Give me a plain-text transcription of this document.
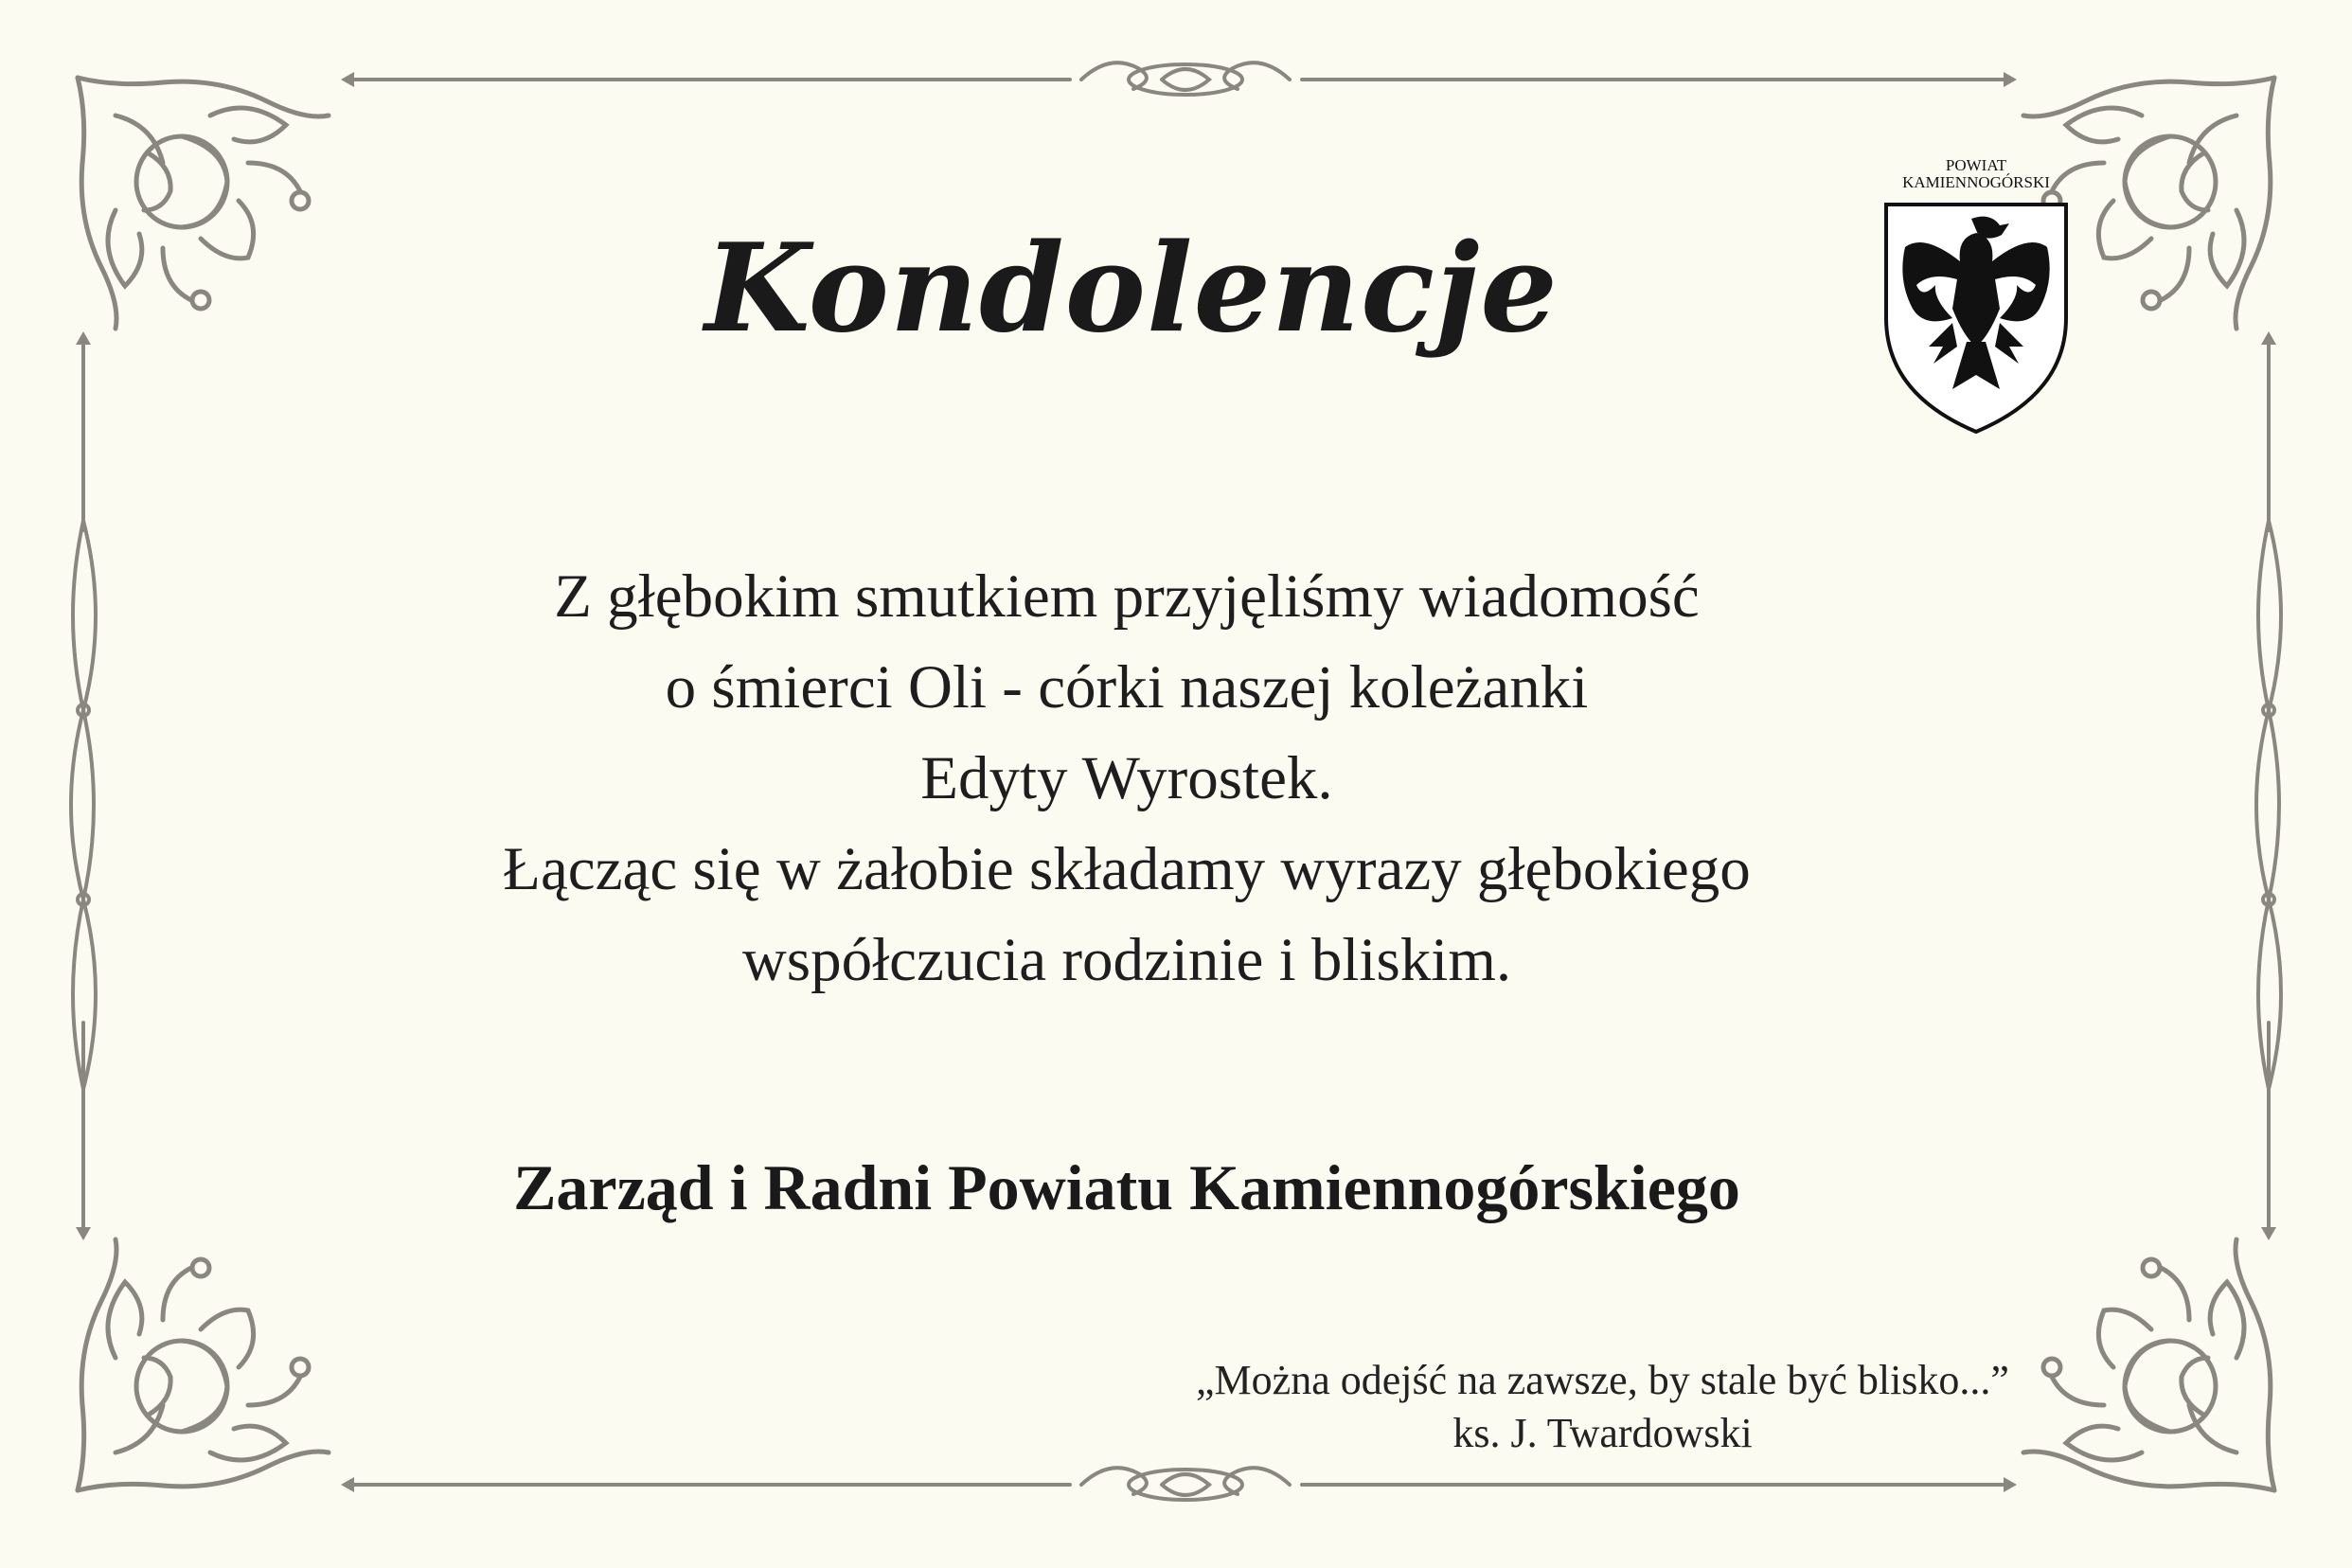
POWIAT
KAMIENNOGÓRSKI
Kondolencje
Z głębokim smutkiem przyjęliśmy wiadomość
o śmierci Oli - córki naszej koleżanki
Edyty Wyrostek.
Łącząc się w żałobie składamy wyrazy głębokiego
współczucia rodzinie i bliskim.
Zarząd i Radni Powiatu Kamiennogórskiego
„Można odejść na zawsze, by stale być blisko...”
ks. J. Twardowski
